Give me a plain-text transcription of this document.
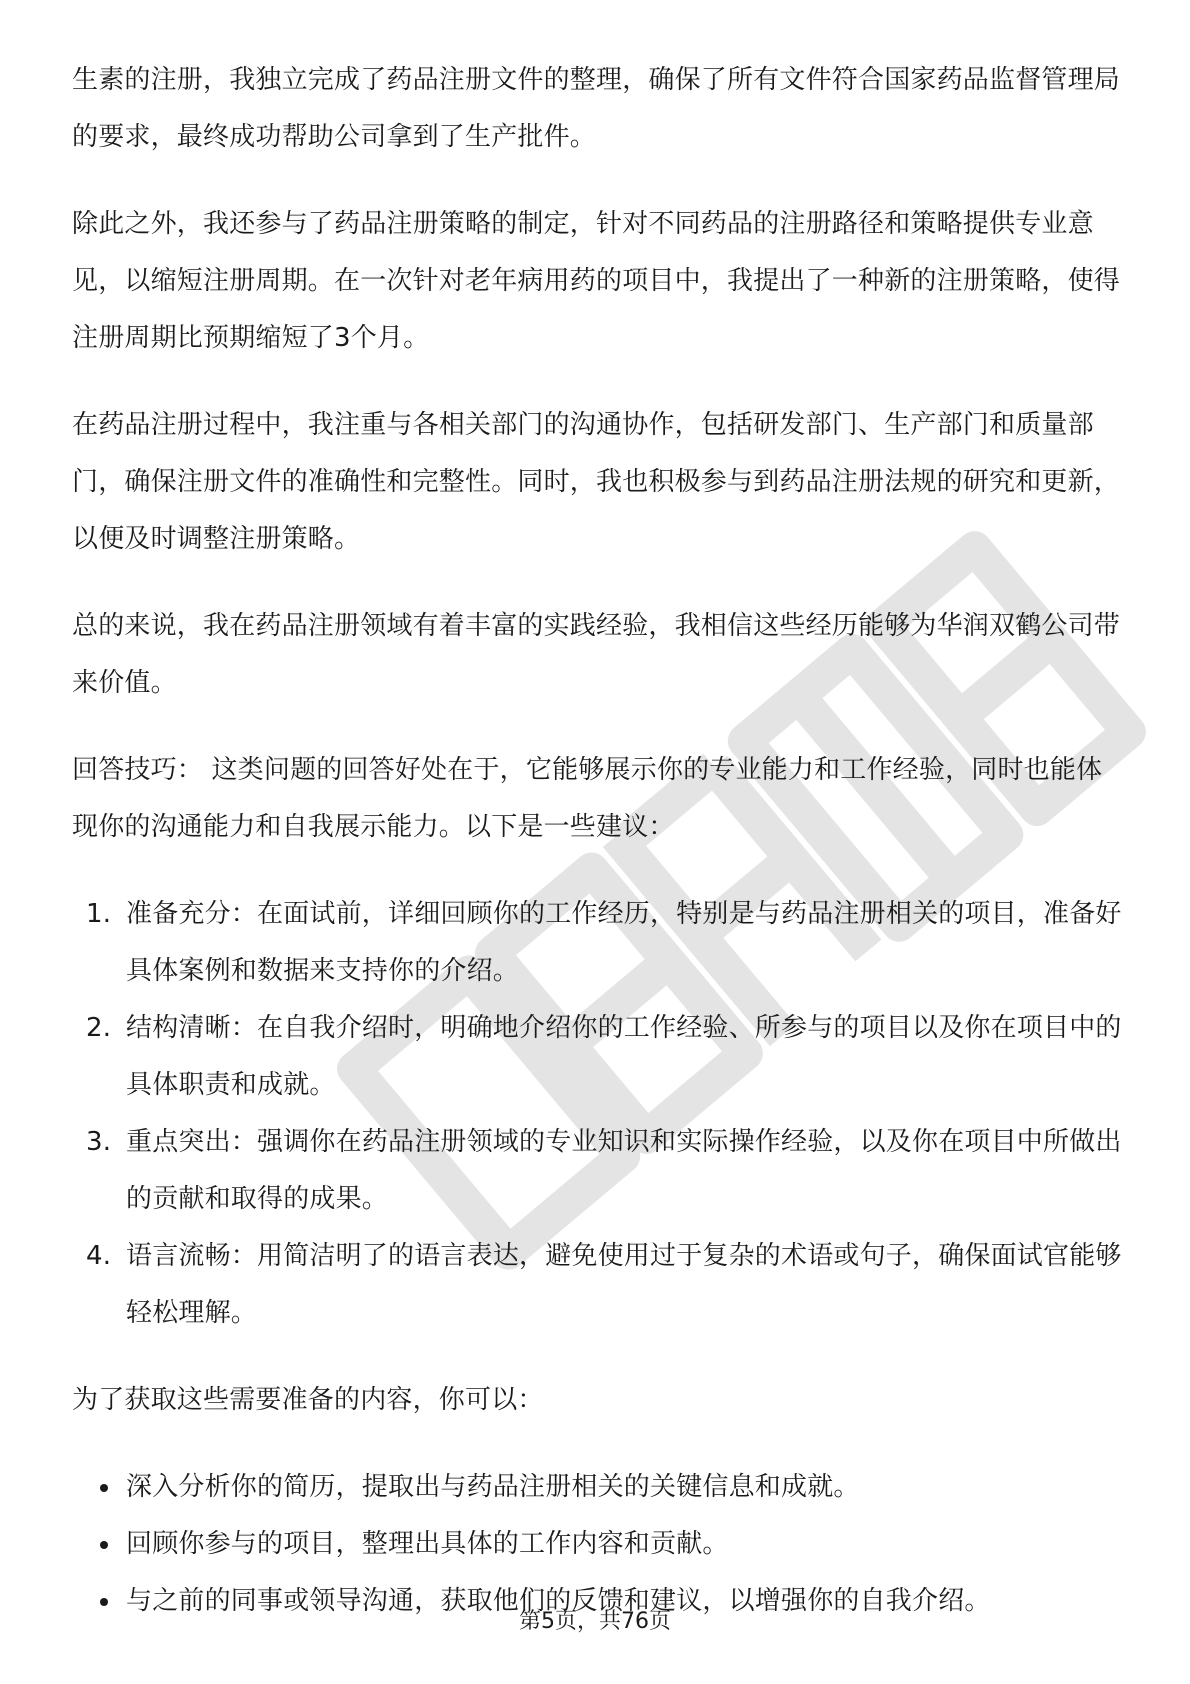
生素的注册，我独立完成了药品注册文件的整理，确保了所有文件符合国家药品监督管理局的要求，最终成功帮助公司拿到了生产批件。

除此之外，我还参与了药品注册策略的制定，针对不同药品的注册路径和策略提供专业意见，以缩短注册周期。在一次针对老年病用药的项目中，我提出了一种新的注册策略，使得注册周期比预期缩短了3个月。

在药品注册过程中，我注重与各相关部门的沟通协作，包括研发部门、生产部门和质量部门，确保注册文件的准确性和完整性。同时，我也积极参与到药品注册法规的研究和更新，以便及时调整注册策略。

总的来说，我在药品注册领域有着丰富的实践经验，我相信这些经历能够为华润双鹤公司带来价值。

回答技巧： 这类问题的回答好处在于，它能够展示你的专业能力和工作经验，同时也能体现你的沟通能力和自我展示能力。以下是一些建议：

1. 准备充分：在面试前，详细回顾你的工作经历，特别是与药品注册相关的项目，准备好具体案例和数据来支持你的介绍。
2. 结构清晰：在自我介绍时，明确地介绍你的工作经验、所参与的项目以及你在项目中的具体职责和成就。
3. 重点突出：强调你在药品注册领域的专业知识和实际操作经验，以及你在项目中所做出的贡献和取得的成果。
4. 语言流畅：用简洁明了的语言表达，避免使用过于复杂的术语或句子，确保面试官能够轻松理解。

为了获取这些需要准备的内容，你可以：

深入分析你的简历，提取出与药品注册相关的关键信息和成就。
回顾你参与的项目，整理出具体的工作内容和贡献。
与之前的同事或领导沟通，获取他们的反馈和建议，以增强你的自我介绍。
第5页，共76页
